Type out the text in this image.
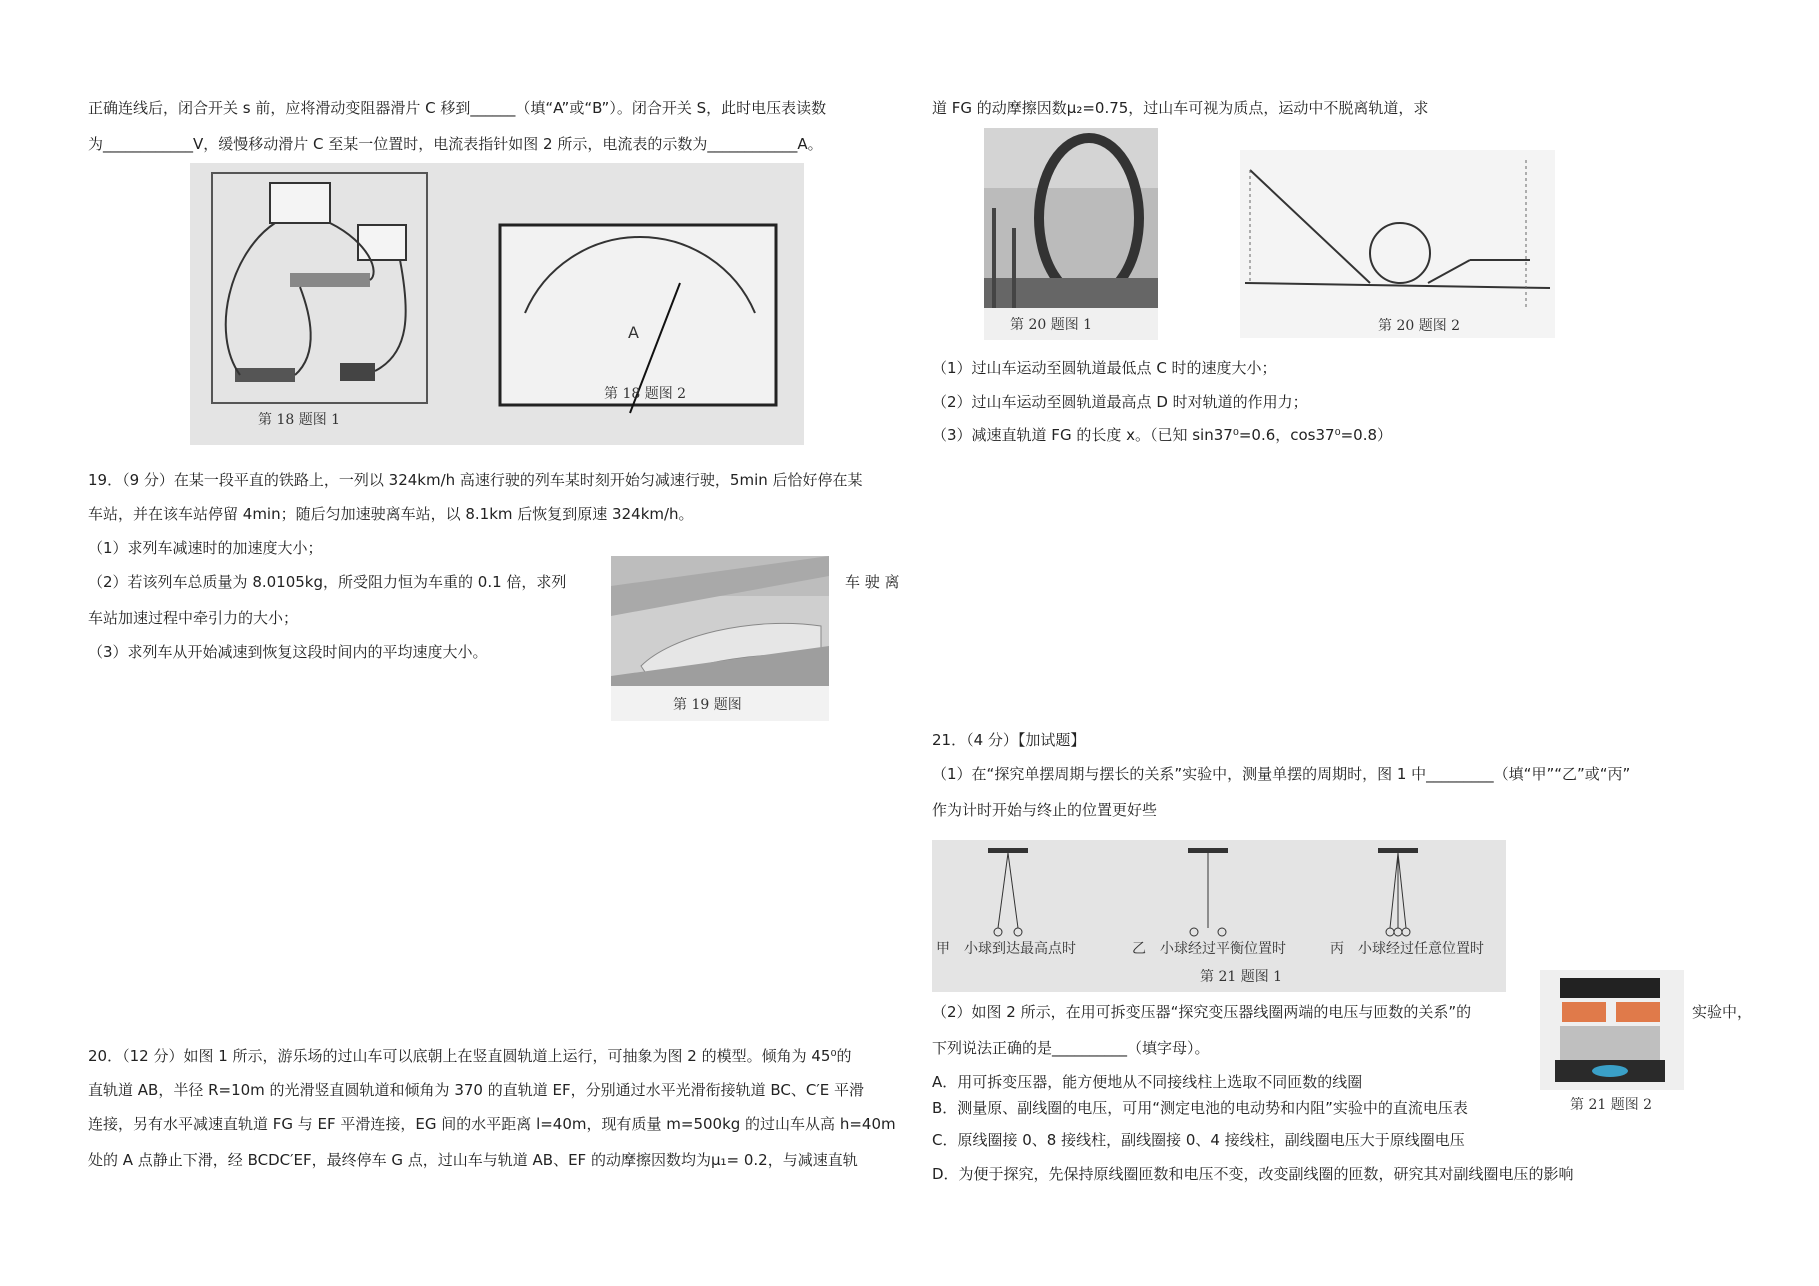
正确连线后，闭合开关 s 前，应将滑动变阻器滑片 C 移到______（填“A”或“B”）。闭合开关 S，此时电压表读数
为____________V，缓慢移动滑片 C 至某一位置时，电流表指针如图 2 所示，电流表的示数为____________A。
A
第 18 题图 1
第 18 题图 2
19．（9 分）在某一段平直的铁路上，一列以 324km/h 高速行驶的列车某时刻开始匀减速行驶，5min 后恰好停在某
车站，并在该车站停留 4min；随后匀加速驶离车站，以 8.1km 后恢复到原速 324km/h。
（1）求列车减速时的加速度大小；
（2）若该列车总质量为 8.0105kg，所受阻力恒为车重的 0.1 倍，求列	车 驶 离
车站加速过程中牵引力的大小；
（3）求列车从开始减速到恢复这段时间内的平均速度大小。
第 19 题图
20．（12 分）如图 1 所示，游乐场的过山车可以底朝上在竖直圆轨道上运行，可抽象为图 2 的模型。倾角为 45⁰的
直轨道 AB，半径 R=10m 的光滑竖直圆轨道和倾角为 370 的直轨道 EF，分别通过水平光滑衔接轨道 BC、C′E 平滑
连接，另有水平减速直轨道 FG 与 EF 平滑连接，EG 间的水平距离 l=40m，现有质量 m=500kg 的过山车从高 h=40m
处的 A 点静止下滑，经 BCDC′EF，最终停车 G 点，过山车与轨道 AB、EF 的动摩擦因数均为μ₁= 0.2，与减速直轨
道 FG 的动摩擦因数μ₂=0.75，过山车可视为质点，运动中不脱离轨道，求
第 20 题图 1	第 20 题图 2
（1）过山车运动至圆轨道最低点 C 时的速度大小；
（2）过山车运动至圆轨道最高点 D 时对轨道的作用力；
（3）减速直轨道 FG 的长度 x。（已知 sin37⁰=0.6，cos37⁰=0.8）
21．（4 分）【加试题】
（1）在“探究单摆周期与摆长的关系”实验中，测量单摆的周期时，图 1 中_________（填“甲”“乙”或“丙”
作为计时开始与终止的位置更好些
甲　小球到达最高点时	乙　小球经过平衡位置时	丙　小球经过任意位置时
第 21 题图 1
（2）如图 2 所示，在用可拆变压器“探究变压器线圈两端的电压与匝数的关系”的	实验中，
下列说法正确的是__________（填字母）。
第 21 题图 2
A．用可拆变压器，能方便地从不同接线柱上选取不同匝数的线圈
B．测量原、副线圈的电压，可用“测定电池的电动势和内阻”实验中的直流电压表
C．原线圈接 0、8 接线柱，副线圈接 0、4 接线柱，副线圈电压大于原线圈电压
D．为便于探究，先保持原线圈匝数和电压不变，改变副线圈的匝数，研究其对副线圈电压的影响
